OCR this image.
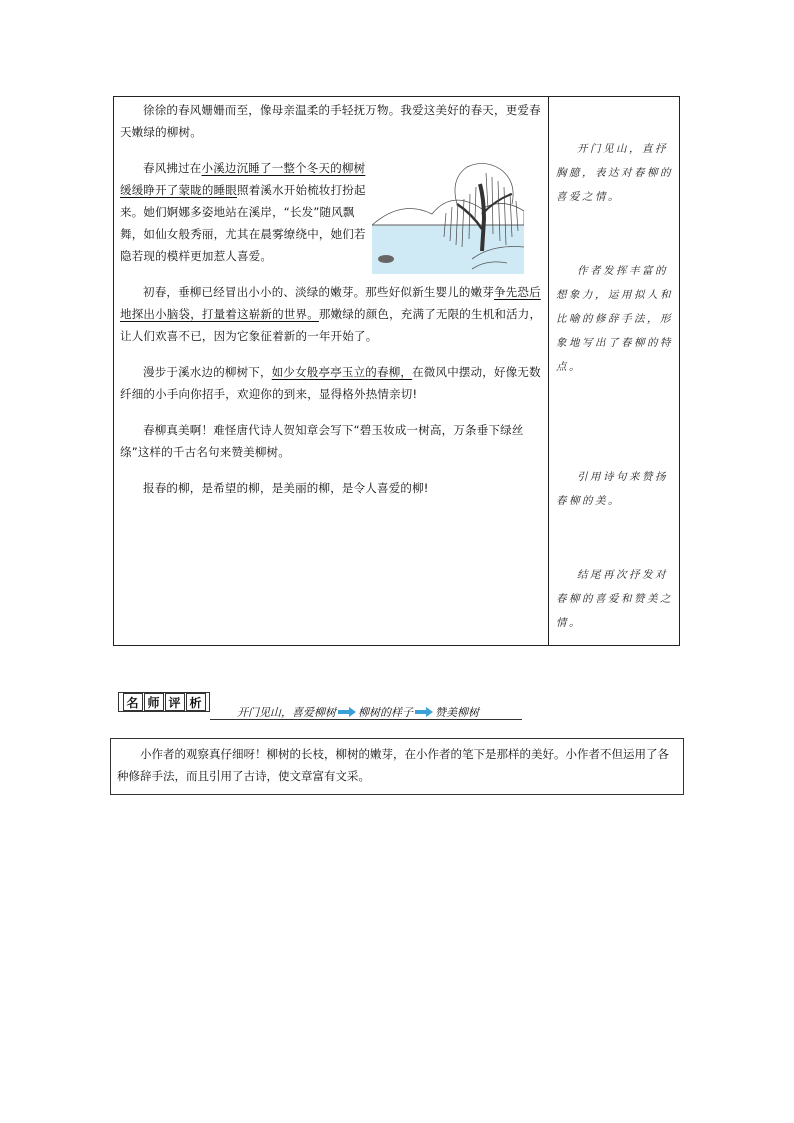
徐徐的春风姗姗而至，像母亲温柔的手轻抚万物。我爱这美好的春天，更爱春天嫩绿的柳树。

春风拂过在小溪边沉睡了一整个冬天的柳树缓缓睁开了蒙眬的睡眼照着溪水开始梳妆打扮起来。她们婀娜多姿地站在溪岸，“长发”随风飘舞，如仙女般秀丽，尤其在晨雾缭绕中，她们若隐若现的模样更加惹人喜爱。

初春，垂柳已经冒出小小的、淡绿的嫩芽。那些好似新生婴儿的嫩芽争先恐后地探出小脑袋，打量着这崭新的世界。那嫩绿的颜色，充满了无限的生机和活力，让人们欢喜不已，因为它象征着新的一年开始了。

漫步于溪水边的柳树下，如少女般亭亭玉立的春柳，在微风中摆动，好像无数纤细的小手向你招手，欢迎你的到来，显得格外热情亲切!

春柳真美啊！难怪唐代诗人贺知章会写下“碧玉妆成一树高，万条垂下绿丝绦”这样的千古名句来赞美柳树。

报春的柳，是希望的柳，是美丽的柳，是令人喜爱的柳!

开门见山，直抒胸臆，表达对春柳的喜爱之情。
作者发挥丰富的想象力，运用拟人和比喻的修辞手法，形象地写出了春柳的特点。
引用诗句来赞扬春柳的美。
结尾再次抒发对春柳的喜爱和赞美之情。
名 师 评 析
开门见山，喜爱柳树 柳树的样子 赞美柳树

小作者的观察真仔细呀！柳树的长枝，柳树的嫩芽，在小作者的笔下是那样的美好。小作者不但运用了各种修辞手法，而且引用了古诗，使文章富有文采。
